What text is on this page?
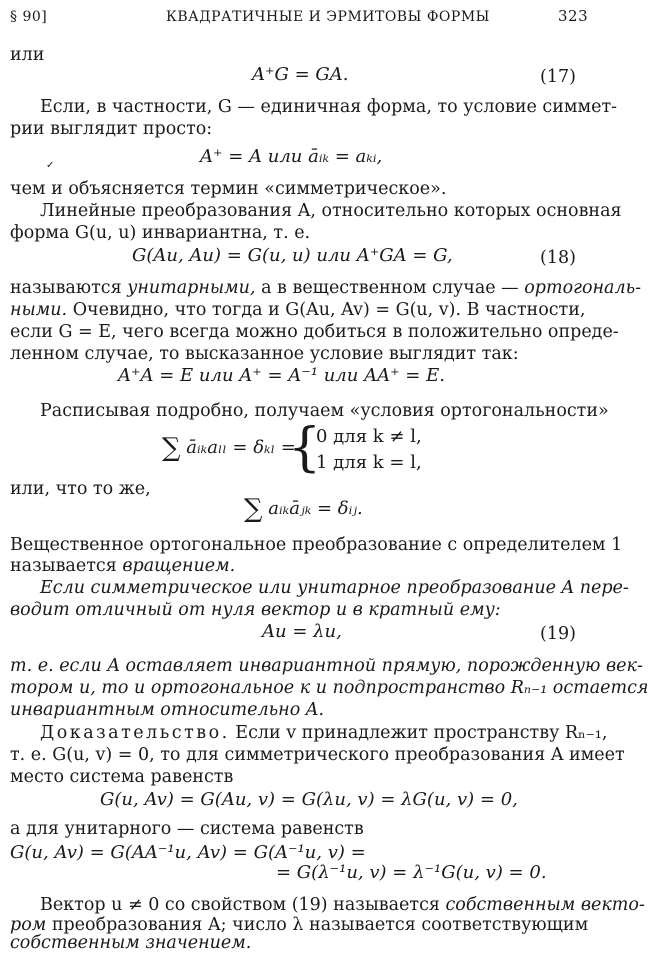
§ 90]	КВАДРАТИЧНЫЕ И ЭРМИТОВЫ ФОРМЫ	323
или
A⁺G = GA.	(17)
Если, в частности, G — единичная форма, то условие симмет-
рии выглядит просто:
A⁺ = A или āᵢₖ = aₖᵢ,
✓
чем и объясняется термин «симметрическое».
Линейные преобразования A, относительно которых основная
форма G(u, u) инвариантна, т. е.
G(Au, Au) = G(u, u) или A⁺GA = G,	(18)
называются унитарными, а в вещественном случае — ортогональ-
ными. Очевидно, что тогда и G(Au, Av) = G(u, v). В частности,
если G = E, чего всегда можно добиться в положительно опреде-
ленном случае, то высказанное условие выглядит так:
A⁺A = E или A⁺ = A⁻¹ или AA⁺ = E.
Расписывая подробно, получаем «условия ортогональности»
∑ āᵢₖaₗₗ = δₖₗ =
{
0 для k ≠ l,
1 для k = l,
или, что то же,
∑ aᵢₖāⱼₖ = δᵢⱼ.
Вещественное ортогональное преобразование с определителем 1
называется вращением.
Если симметрическое или унитарное преобразование A пере-
водит отличный от нуля вектор u в кратный ему:
Au = λu,	(19)
т. е. если A оставляет инвариантной прямую, порожденную век-
тором u, то и ортогональное к u подпространство Rₙ₋₁ остается
инвариантным относительно A.
Доказательство. Если v принадлежит пространству Rₙ₋₁,
т. е. G(u, v) = 0, то для симметрического преобразования A имеет
место система равенств
G(u, Av) = G(Au, v) = G(λu, v) = λG(u, v) = 0,
а для унитарного — система равенств
G(u, Av) = G(AA⁻¹u, Av) = G(A⁻¹u, v) =
= G(λ⁻¹u, v) = λ⁻¹G(u, v) = 0.
Вектор u ≠ 0 со свойством (19) называется собственным векто-
ром преобразования A; число λ называется соответствующим
собственным значением.
